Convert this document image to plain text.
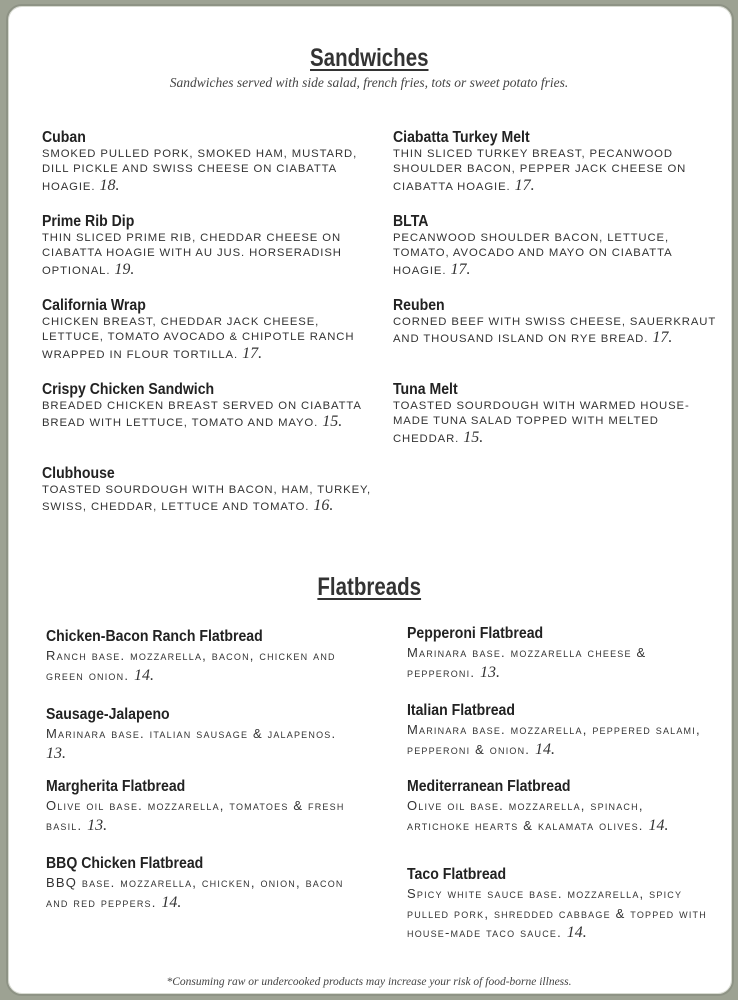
Sandwiches
Sandwiches served with side salad, french fries, tots or sweet potato fries.
Flatbreads
Cuban
SMOKED PULLED PORK, SMOKED HAM, MUSTARD, DILL PICKLE AND SWISS CHEESE ON CIABATTA HOAGIE. 18.
Prime Rib Dip
THIN SLICED PRIME RIB, CHEDDAR CHEESE ON CIABATTA HOAGIE WITH AU JUS. HORSERADISH OPTIONAL. 19.
California Wrap
CHICKEN BREAST, CHEDDAR JACK CHEESE, LETTUCE, TOMATO AVOCADO & CHIPOTLE RANCH WRAPPED IN FLOUR TORTILLA. 17.
Crispy Chicken Sandwich
BREADED CHICKEN BREAST SERVED ON CIABATTA BREAD WITH LETTUCE, TOMATO AND MAYO. 15.
Clubhouse
TOASTED SOURDOUGH WITH BACON, HAM, TURKEY, SWISS, CHEDDAR, LETTUCE AND TOMATO. 16.
Ciabatta Turkey Melt
THIN SLICED TURKEY BREAST, PECANWOOD SHOULDER BACON, PEPPER JACK CHEESE ON CIABATTA HOAGIE. 17.
BLTA
PECANWOOD SHOULDER BACON, LETTUCE, TOMATO, AVOCADO AND MAYO ON CIABATTA HOAGIE. 17.
Reuben
CORNED BEEF WITH SWISS CHEESE, SAUERKRAUT AND THOUSAND ISLAND ON RYE BREAD. 17.
Tuna Melt
TOASTED SOURDOUGH WITH WARMED HOUSE-MADE TUNA SALAD TOPPED WITH MELTED CHEDDAR. 15.
Chicken-Bacon Ranch Flatbread
Ranch base. mozzarella, bacon, chicken and green onion. 14.
Sausage-Jalapeno
Marinara base. italian sausage & jalapenos. 13.
Margherita Flatbread
Olive oil base. mozzarella, tomatoes & fresh basil. 13.
BBQ Chicken Flatbread
BBQ base. mozzarella, chicken, onion, bacon and red peppers. 14.
Pepperoni Flatbread
Marinara base. mozzarella cheese & pepperoni. 13.
Italian Flatbread
Marinara base. mozzarella, peppered salami, pepperoni & onion. 14.
Mediterranean Flatbread
Olive oil base. mozzarella, spinach, artichoke hearts & kalamata olives. 14.
Taco Flatbread
Spicy white sauce base. mozzarella, spicy pulled pork, shredded cabbage & topped with house-made taco sauce. 14.
*Consuming raw or undercooked products may increase your risk of food-borne illness.
